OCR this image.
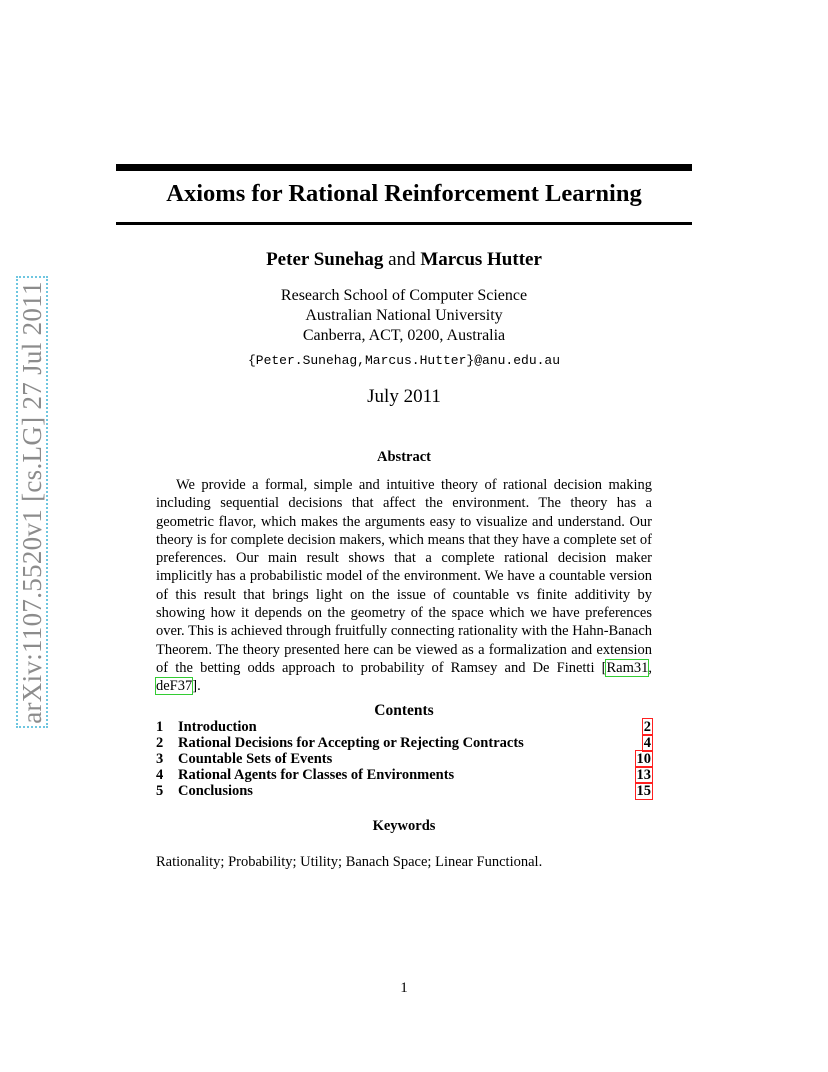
arXiv:1107.5520v1 [cs.LG] 27 Jul 2011
Axioms for Rational Reinforcement Learning
Peter Sunehag and Marcus Hutter
Research School of Computer Science
Australian National University
Canberra, ACT, 0200, Australia
{Peter.Sunehag,Marcus.Hutter}@anu.edu.au
July 2011
Abstract
We provide a formal, simple and intuitive theory of rational decision making including sequential decisions that affect the environment. The theory has a geometric flavor, which makes the arguments easy to visualize and understand. Our theory is for complete decision makers, which means that they have a complete set of preferences. Our main result shows that a complete rational decision maker implicitly has a probabilistic model of the environment. We have a countable version of this result that brings light on the issue of countable vs finite additivity by showing how it depends on the geometry of the space which we have preferences over. This is achieved through fruitfully connecting rationality with the Hahn-Banach Theorem. The theory presented here can be viewed as a formalization and extension of the betting odds approach to probability of Ramsey and De Finetti [Ram31, deF37].
Contents
1	Introduction	2
2	Rational Decisions for Accepting or Rejecting Contracts	4
3	Countable Sets of Events	10
4	Rational Agents for Classes of Environments	13
5	Conclusions	15
Keywords
Rationality; Probability; Utility; Banach Space; Linear Functional.
1
